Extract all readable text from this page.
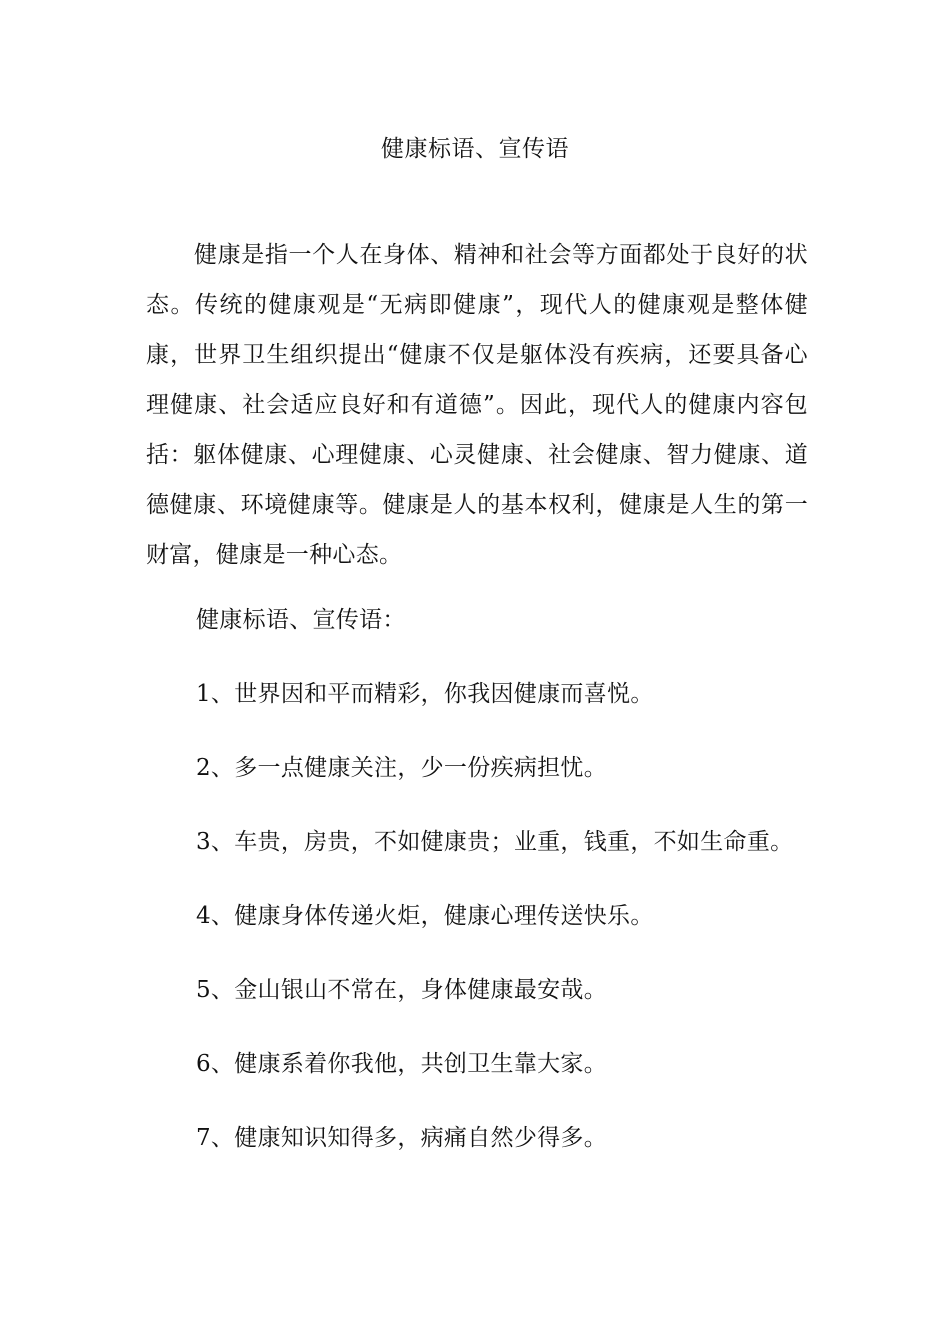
健康标语、宣传语

健康是指一个人在身体、精神和社会等方面都处于良好的状态。传统的健康观是“无病即健康”，现代人的健康观是整体健康，世界卫生组织提出“健康不仅是躯体没有疾病，还要具备心理健康、社会适应良好和有道德”。因此，现代人的健康内容包括：躯体健康、心理健康、心灵健康、社会健康、智力健康、道德健康、环境健康等。健康是人的基本权利，健康是人生的第一财富，健康是一种心态。

健康标语、宣传语：
1、世界因和平而精彩，你我因健康而喜悦。
2、多一点健康关注，少一份疾病担忧。
3、车贵，房贵，不如健康贵；业重，钱重，不如生命重。
4、健康身体传递火炬，健康心理传送快乐。
5、金山银山不常在，身体健康最安哉。
6、健康系着你我他，共创卫生靠大家。
7、健康知识知得多，病痛自然少得多。
